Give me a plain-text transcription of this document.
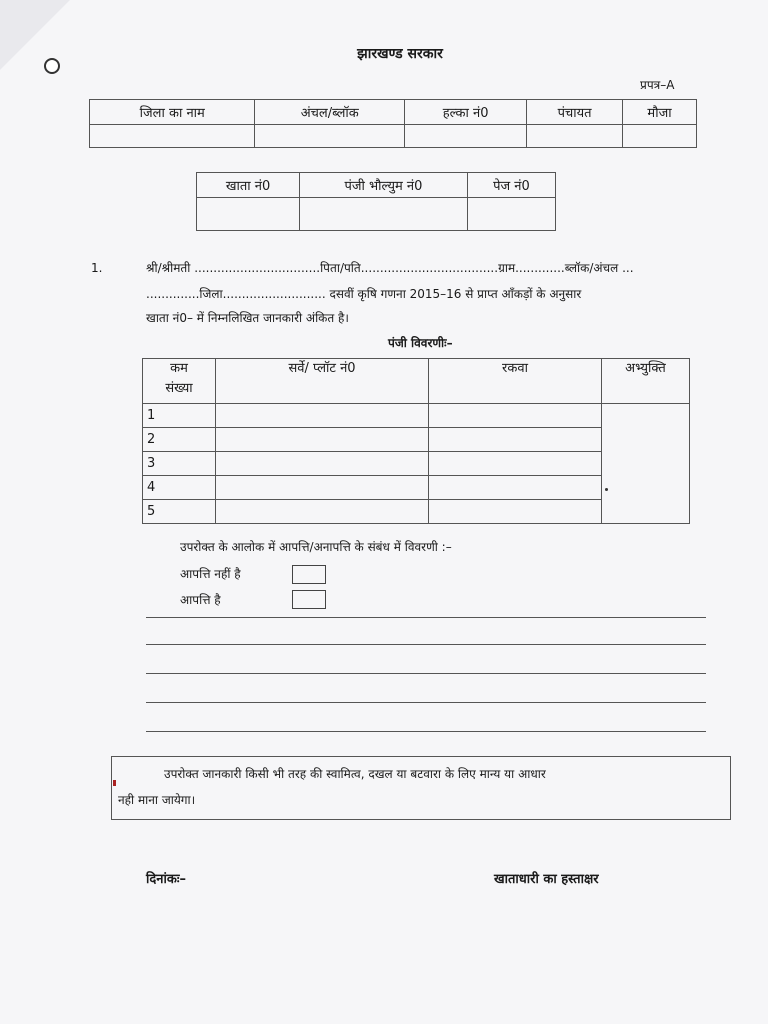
झारखण्ड सरकार
प्रपत्र–A
जिला का नाम	अंचल/ब्लॉक	हल्का नं0	पंचायत	मौजा

खाता नं0	पंजी भौल्युम नं0	पेज नं0

1.	श्री/श्रीमती .................................पिता/पति....................................ग्राम.............ब्लॉक/अंचल ...
..............जिला........................... दसवीं कृषि गणना 2015–16 से प्राप्त आँकड़ों के अनुसार
खाता नं0– में निम्नलिखित जानकारी अंकित है।
पंजी विवरणीः–
कम
संख्या	सर्वे/ प्लॉट नं0	रकवा	अभ्युक्ति
1			
2			
3			
4			
5			
उपरोक्त के आलोक में आपत्ति/अनापत्ति के संबंध में विवरणी :–
आपत्ति नहीं है
आपत्ति है
उपरोक्त जानकारी किसी भी तरह की स्वामित्व, दखल या बटवारा के लिए मान्य या आधार
नही माना जायेगा।
दिनांकः–	खाताधारी का हस्ताक्षर
